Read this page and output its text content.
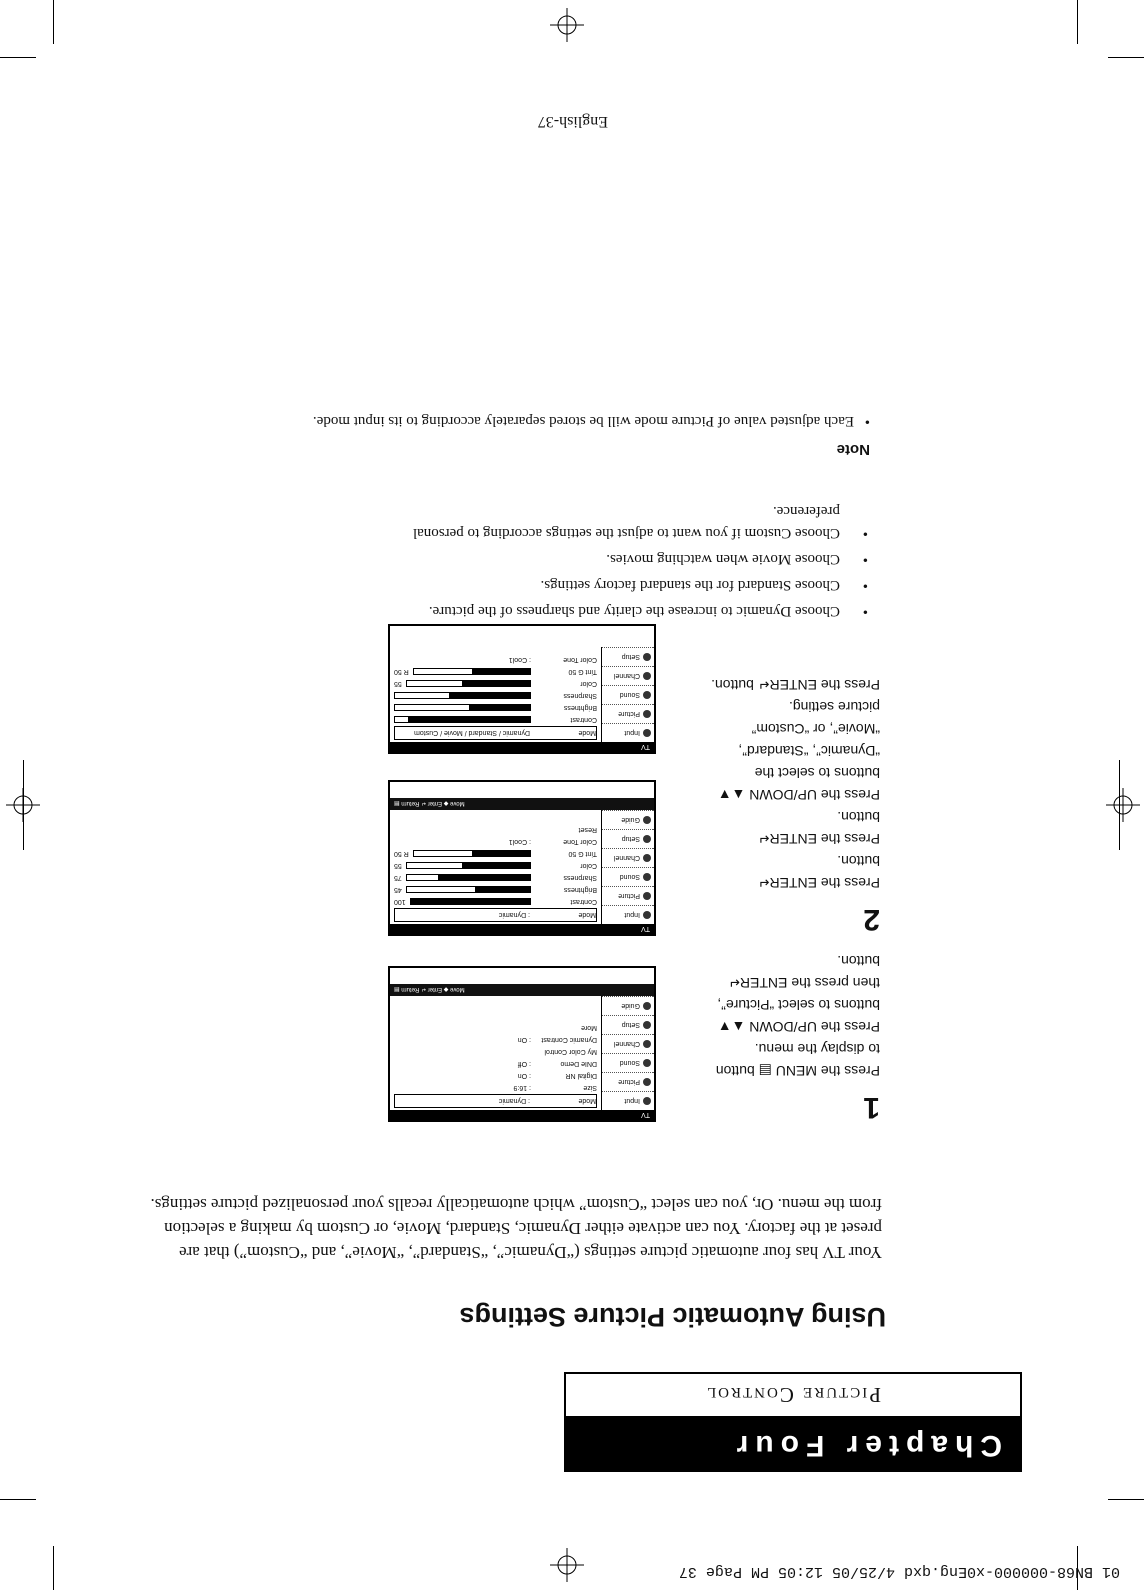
01 BN68-000000-x0Eng.qxd 4/25/05 12:05 PM Page 37
Chapter Four
Picture Control
Using Automatic Picture Settings

Your TV has four automatic picture settings (“Dynamic”, “Standard”, “Movie”, and “Custom”) that are preset at the factory. You can activate either Dynamic, Standard, Movie, or Custom by making a selection from the menu. Or, you can select “Custom” which automatically recalls your personalized picture settings.

1
Press the MENU ▤ button
to display the menu.
Press the UP/DOWN ▲▼
buttons to select “Picture”,
then press the ENTER↵
button.
TV
Input
Picture
Sound
Channel
Setup
Guide
Mode
: Dynamic
Size
: 16:9
Digital NR
: On
DNIe Demo
: Off
My Color Control
Dynamic Contrast
: On
More
Move ◆ Enter ↵ Return ▤
2
Press the ENTER↵
button.
Press the ENTER↵
button.
Press the UP/DOWN ▲▼
buttons to select the
“Dynamic”, “Standard”,
“Movie”, or “Custom”
picture setting.
Press the ENTER↵ button.
TV
Input
Picture
Sound
Channel
Setup
Guide
Mode
: Dynamic
Contrast
100
Brightness
45
Sharpness
75
Color
55
Tint G 50
R 50
Color Tone
: Cool1
Reset
Move ◆ Enter ↵ Return ▤
TV
Input
Picture
Sound
Channel
Setup
Mode
Dynamic / Standard / Movie / Custom
Contrast
Brightness
Sharpness
Color
55
Tint G 50
R 50
Color Tone
: Cool1
• Choose Dynamic to increase the clarity and sharpness of the picture.
• Choose Standard for the standard factory settings.
• Choose Movie when watching movies.
• Choose Custom if you want to adjust the settings according to personal preference.
Note

• Each adjusted value of Picture mode will be stored separately according to its input mode.

English-37
